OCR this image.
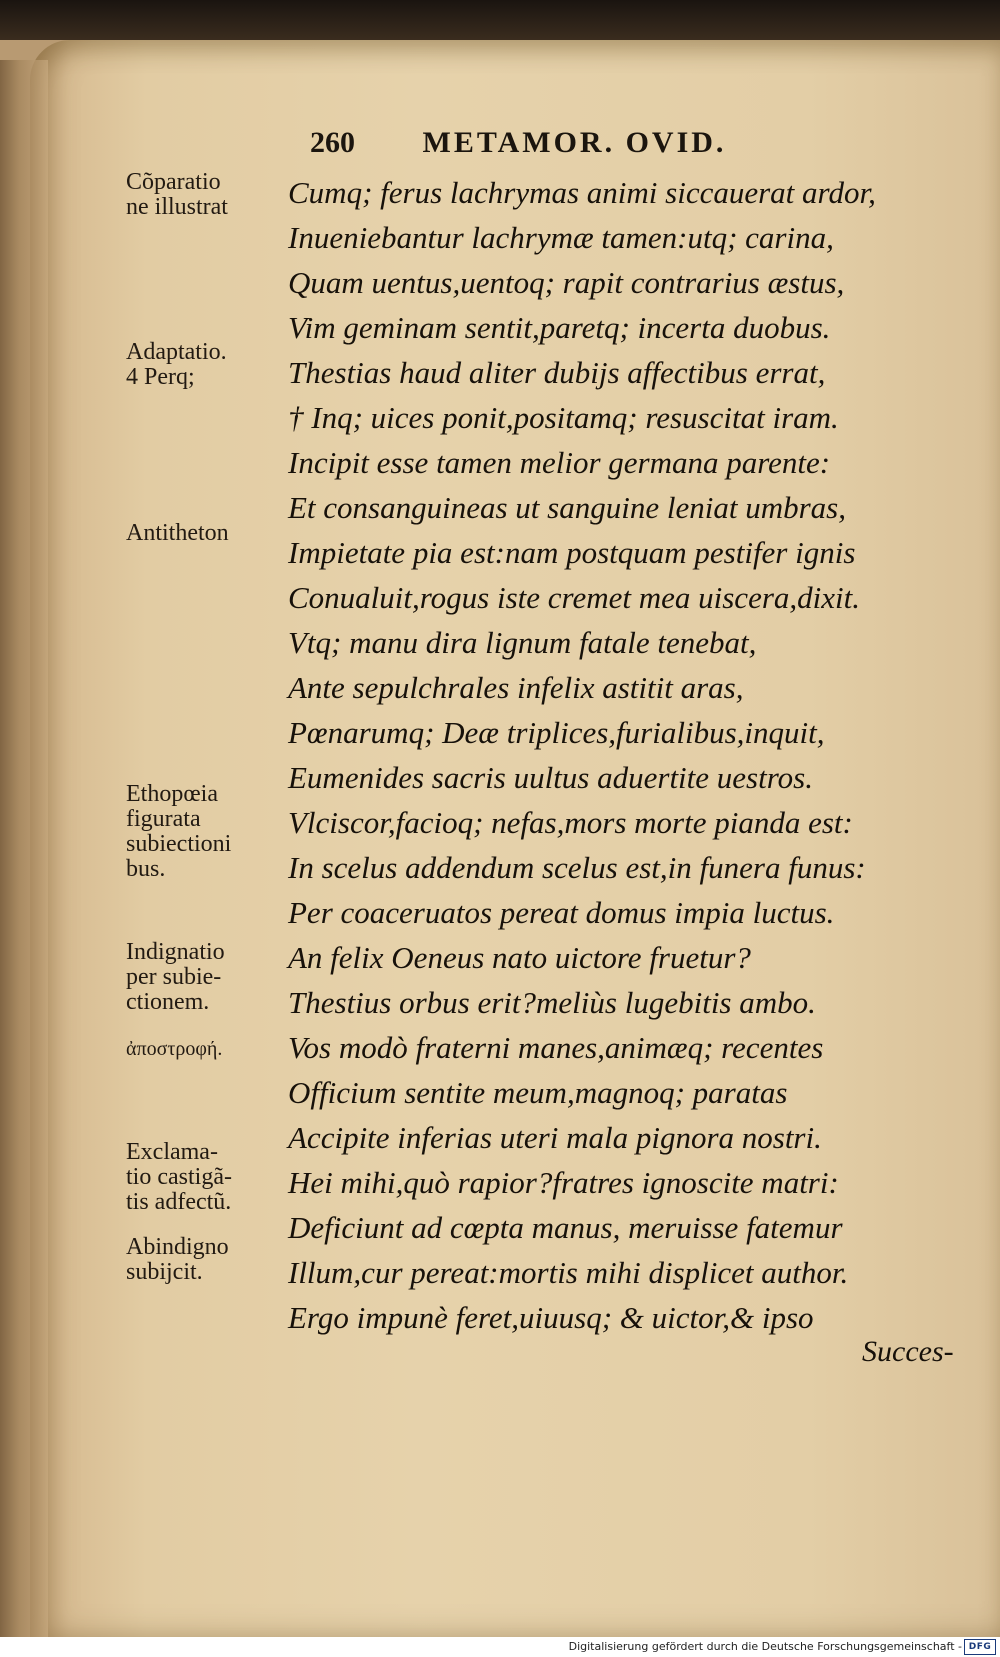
260 METAMOR. OVID.
Cõparatio
ne illustrat
Adaptatio.
4 Perq;
Antitheton
Ethopœia
figurata
subiectioni
bus.
Indignatio
per subie-
ctionem.
ἀποστροφή.
Exclama-
tio castigã-
tis adfectũ.
Abindigno
subijcit.
Cumq; ferus lachrymas animi siccauerat ardor,
Inueniebantur lachrymæ tamen:utq; carina,
Quam uentus,uentoq; rapit contrarius æstus,
Vim geminam sentit,paretq; incerta duobus.
Thestias haud aliter dubijs affectibus errat,
† Inq; uices ponit,positamq; resuscitat iram.
Incipit esse tamen melior germana parente:
Et consanguineas ut sanguine leniat umbras,
Impietate pia est:nam postquam pestifer ignis
Conualuit,rogus iste cremet mea uiscera,dixit.
Vtq; manu dira lignum fatale tenebat,
Ante sepulchrales infelix astitit aras,
Pœnarumq; Deæ triplices,furialibus,inquit,
Eumenides sacris uultus aduertite uestros.
Vlciscor,facioq; nefas,mors morte pianda est:
In scelus addendum scelus est,in funera funus:
Per coaceruatos pereat domus impia luctus.
An felix Oeneus nato uictore fruetur?
Thestius orbus erit?meliùs lugebitis ambo.
Vos modò fraterni manes,animæq; recentes
Officium sentite meum,magnoq; paratas
Accipite inferias uteri mala pignora nostri.
Hei mihi,quò rapior?fratres ignoscite matri:
Deficiunt ad cœpta manus, meruisse fatemur
Illum,cur pereat:mortis mihi displicet author.
Ergo impunè feret,uiuusq; & uictor,& ipso
Succes-
Digitalisierung gefördert durch die Deutsche Forschungsgemeinschaft - DFG
